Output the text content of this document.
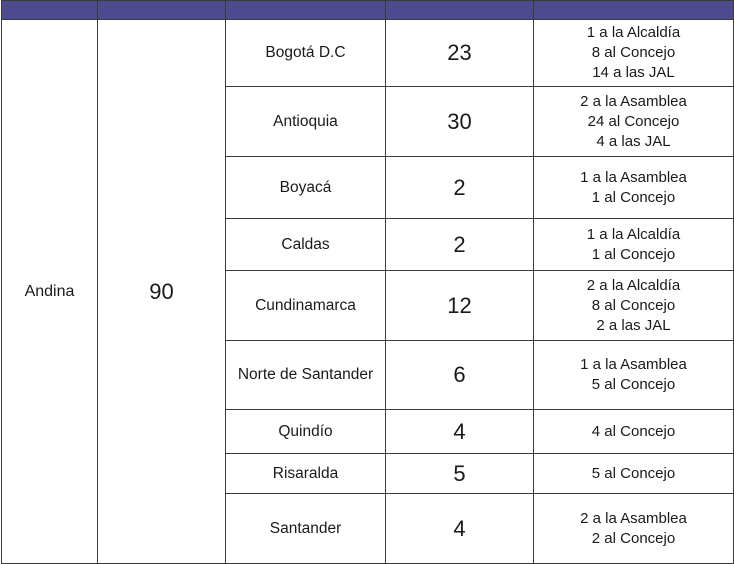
Andina	90	Bogotá D.C	23	1 a la Alcaldía
8 al Concejo
14 a las JAL

		Antioquia	30	2 a la Asamblea
24 al Concejo
4 a las JAL

		Boyacá	2	1 a la Asamblea
1 al Concejo

		Caldas	2	1 a la Alcaldía
1 al Concejo

		Cundinamarca	12	2 a la Alcaldía
8 al Concejo
2 a las JAL

		Norte de Santander	6	1 a la Asamblea
5 al Concejo

		Quindío	4	4 al Concejo

		Risaralda	5	5 al Concejo

		Santander	4	2 a la Asamblea
2 al Concejo
